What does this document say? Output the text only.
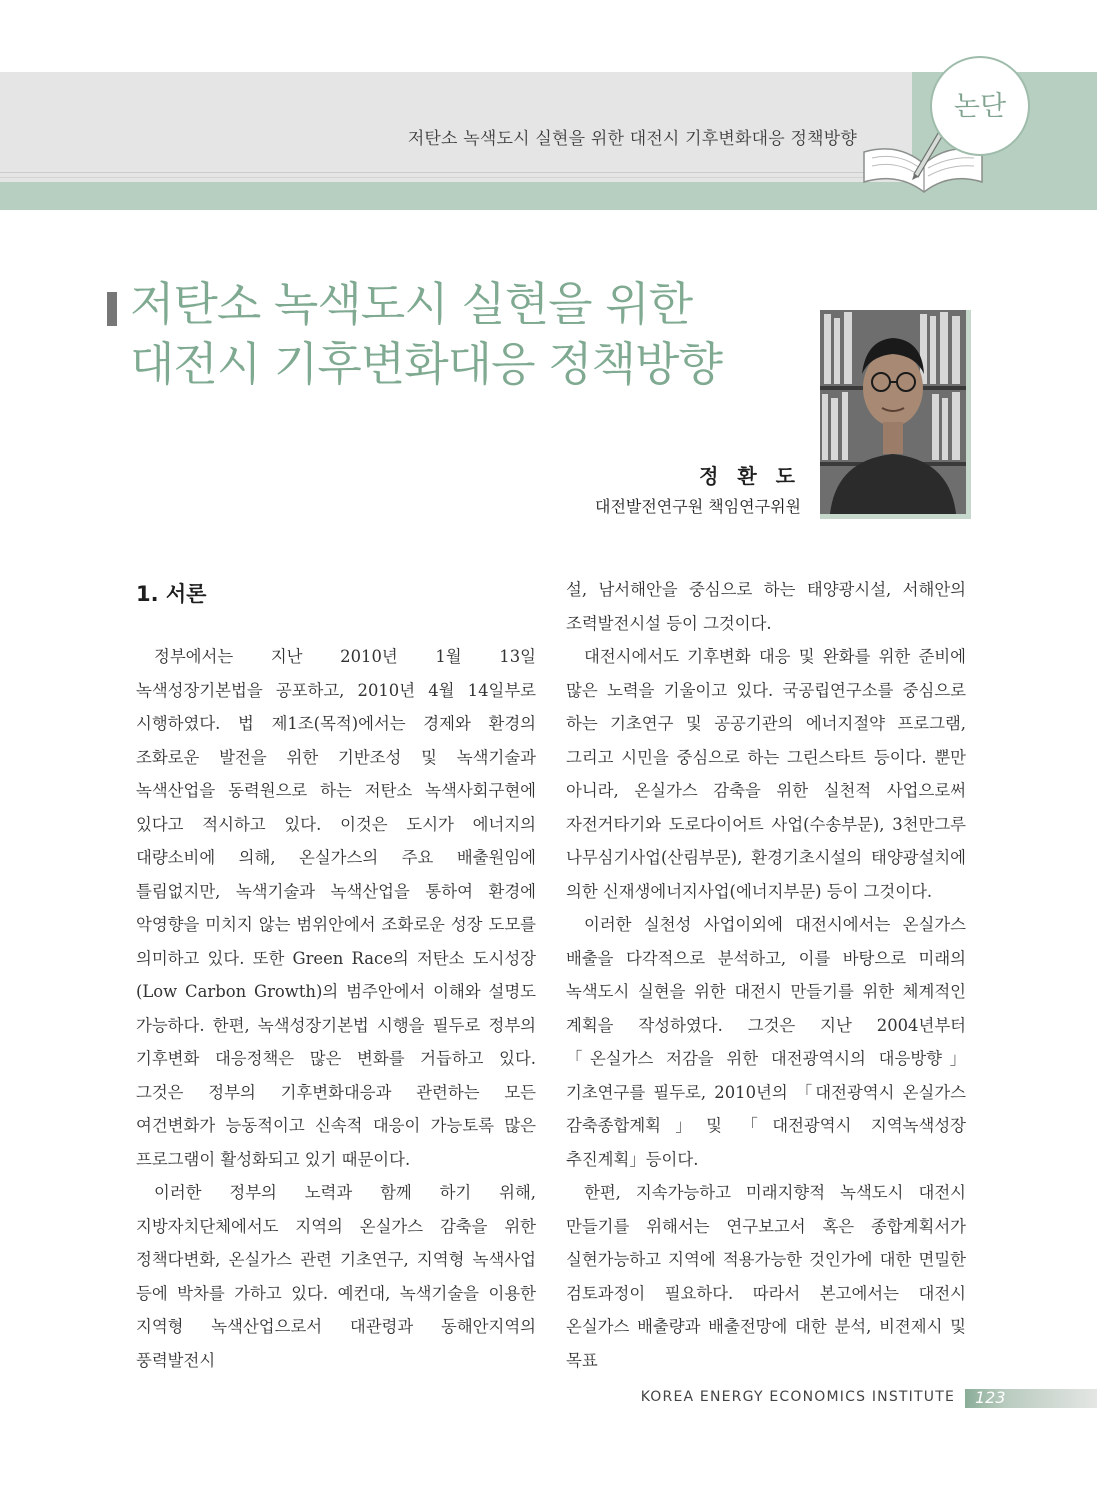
저탄소 녹색도시 실현을 위한 대전시 기후변화대응 정책방향
논단
저탄소 녹색도시 실현을 위한
대전시 기후변화대응 정책방향
정 환 도
대전발전연구원 책임연구위원
1. 서론

정부에서는 지난 2010년 1월 13일 녹색성장기본법을 공포하고, 2010년 4월 14일부로 시행하였다. 법 제1조(목적)에서는 경제와 환경의 조화로운 발전을 위한 기반조성 및 녹색기술과 녹색산업을 동력원으로 하는 저탄소 녹색사회구현에 있다고 적시하고 있다. 이것은 도시가 에너지의 대량소비에 의해, 온실가스의 주요 배출원임에 틀림없지만, 녹색기술과 녹색산업을 통하여 환경에 악영향을 미치지 않는 범위안에서 조화로운 성장 도모를 의미하고 있다. 또한 Green Race의 저탄소 도시성장(Low Carbon Growth)의 범주안에서 이해와 설명도 가능하다. 한편, 녹색성장기본법 시행을 필두로 정부의 기후변화 대응정책은 많은 변화를 거듭하고 있다. 그것은 정부의 기후변화대응과 관련하는 모든 여건변화가 능동적이고 신속적 대응이 가능토록 많은 프로그램이 활성화되고 있기 때문이다.

이러한 정부의 노력과 함께 하기 위해, 지방자치단체에서도 지역의 온실가스 감축을 위한 정책다변화, 온실가스 관련 기초연구, 지역형 녹색사업 등에 박차를 가하고 있다. 예컨대, 녹색기술을 이용한 지역형 녹색산업으로서 대관령과 동해안지역의 풍력발전시

설, 남서해안을 중심으로 하는 태양광시설, 서해안의 조력발전시설 등이 그것이다.

대전시에서도 기후변화 대응 및 완화를 위한 준비에 많은 노력을 기울이고 있다. 국공립연구소를 중심으로 하는 기초연구 및 공공기관의 에너지절약 프로그램, 그리고 시민을 중심으로 하는 그린스타트 등이다. 뿐만 아니라, 온실가스 감축을 위한 실천적 사업으로써 자전거타기와 도로다이어트 사업(수송부문), 3천만그루 나무심기사업(산림부문), 환경기초시설의 태양광설치에 의한 신재생에너지사업(에너지부문) 등이 그것이다.

이러한 실천성 사업이외에 대전시에서는 온실가스 배출을 다각적으로 분석하고, 이를 바탕으로 미래의 녹색도시 실현을 위한 대전시 만들기를 위한 체계적인 계획을 작성하였다. 그것은 지난 2004년부터 「온실가스 저감을 위한 대전광역시의 대응방향」기초연구를 필두로, 2010년의 「대전광역시 온실가스 감축종합계획」및 「대전광역시 지역녹색성장 추진계획」등이다.

한편, 지속가능하고 미래지향적 녹색도시 대전시 만들기를 위해서는 연구보고서 혹은 종합계획서가 실현가능하고 지역에 적용가능한 것인가에 대한 면밀한 검토과정이 필요하다. 따라서 본고에서는 대전시 온실가스 배출량과 배출전망에 대한 분석, 비젼제시 및 목표

KOREA ENERGY ECONOMICS INSTITUTE 123
